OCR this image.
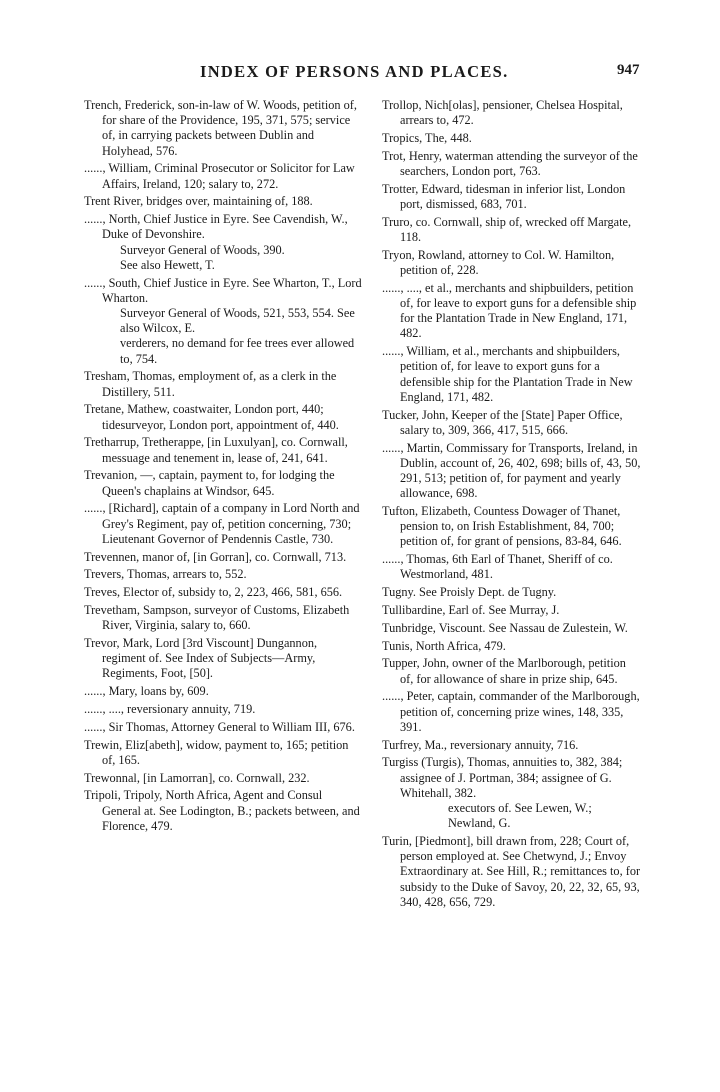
INDEX OF PERSONS AND PLACES.	947

Trench, Frederick, son-in-law of W. Woods, petition of, for share of the Providence, 195, 371, 575; service of, in carrying packets between Dublin and Holyhead, 576.

......, William, Criminal Prosecutor or Solicitor for Law Affairs, Ireland, 120; salary to, 272.

Trent River, bridges over, maintaining of, 188.

......, North, Chief Justice in Eyre. See Cavendish, W., Duke of Devonshire.

Surveyor General of Woods, 390.

See also Hewett, T.

......, South, Chief Justice in Eyre. See Wharton, T., Lord Wharton.

Surveyor General of Woods, 521, 553, 554. See also Wilcox, E.

verderers, no demand for fee trees ever allowed to, 754.

Tresham, Thomas, employment of, as a clerk in the Distillery, 511.

Tretane, Mathew, coastwaiter, London port, 440; tidesurveyor, London port, appointment of, 440.

Tretharrup, Tretherappe, [in Luxulyan], co. Cornwall, messuage and tenement in, lease of, 241, 641.

Trevanion, —, captain, payment to, for lodging the Queen's chaplains at Windsor, 645.

......, [Richard], captain of a company in Lord North and Grey's Regiment, pay of, petition concerning, 730; Lieutenant Governor of Pendennis Castle, 730.

Trevennen, manor of, [in Gorran], co. Cornwall, 713.

Trevers, Thomas, arrears to, 552.

Treves, Elector of, subsidy to, 2, 223, 466, 581, 656.

Trevetham, Sampson, surveyor of Customs, Elizabeth River, Virginia, salary to, 660.

Trevor, Mark, Lord [3rd Viscount] Dungannon, regiment of. See Index of Subjects—Army, Regiments, Foot, [50].

......, Mary, loans by, 609.

......, ...., reversionary annuity, 719.

......, Sir Thomas, Attorney General to William III, 676.

Trewin, Eliz[abeth], widow, payment to, 165; petition of, 165.

Trewonnal, [in Lamorran], co. Cornwall, 232.

Tripoli, Tripoly, North Africa, Agent and Consul General at. See Lodington, B.; packets between, and Florence, 479.

Trollop, Nich[olas], pensioner, Chelsea Hospital, arrears to, 472.

Tropics, The, 448.

Trot, Henry, waterman attending the surveyor of the searchers, London port, 763.

Trotter, Edward, tidesman in inferior list, London port, dismissed, 683, 701.

Truro, co. Cornwall, ship of, wrecked off Margate, 118.

Tryon, Rowland, attorney to Col. W. Hamilton, petition of, 228.

......, ...., et al., merchants and shipbuilders, petition of, for leave to export guns for a defensible ship for the Plantation Trade in New England, 171, 482.

......, William, et al., merchants and shipbuilders, petition of, for leave to export guns for a defensible ship for the Plantation Trade in New England, 171, 482.

Tucker, John, Keeper of the [State] Paper Office, salary to, 309, 366, 417, 515, 666.

......, Martin, Commissary for Transports, Ireland, in Dublin, account of, 26, 402, 698; bills of, 43, 50, 291, 513; petition of, for payment and yearly allowance, 698.

Tufton, Elizabeth, Countess Dowager of Thanet, pension to, on Irish Establishment, 84, 700; petition of, for grant of pensions, 83-84, 646.

......, Thomas, 6th Earl of Thanet, Sheriff of co. Westmorland, 481.

Tugny. See Proisly Dept. de Tugny.

Tullibardine, Earl of. See Murray, J.

Tunbridge, Viscount. See Nassau de Zulestein, W.

Tunis, North Africa, 479.

Tupper, John, owner of the Marlborough, petition of, for allowance of share in prize ship, 645.

......, Peter, captain, commander of the Marlborough, petition of, concerning prize wines, 148, 335, 391.

Turfrey, Ma., reversionary annuity, 716.

Turgiss (Turgis), Thomas, annuities to, 382, 384; assignee of J. Portman, 384; assignee of G. Whitehall, 382.

executors of. See Lewen, W.; Newland, G.

Turin, [Piedmont], bill drawn from, 228; Court of, person employed at. See Chetwynd, J.; Envoy Extraordinary at. See Hill, R.; remittances to, for subsidy to the Duke of Savoy, 20, 22, 32, 65, 93, 340, 428, 656, 729.
